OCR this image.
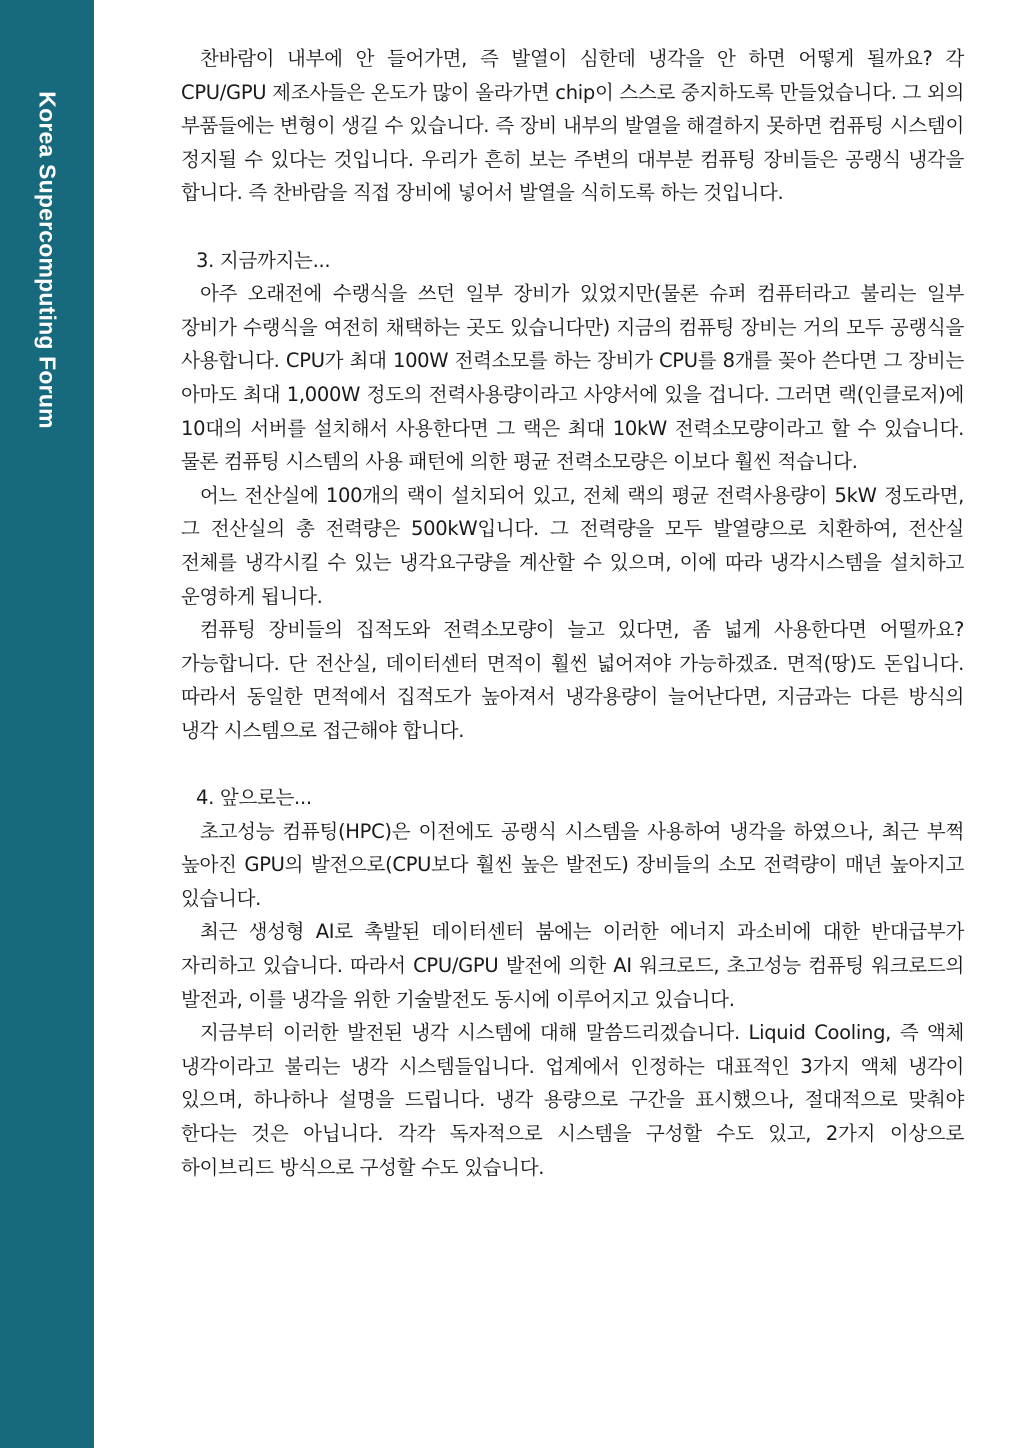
Korea Supercomputing Forum

찬바람이 내부에 안 들어가면, 즉 발열이 심한데 냉각을 안 하면 어떻게 될까요? 각 CPU/GPU 제조사들은 온도가 많이 올라가면 chip이 스스로 중지하도록 만들었습니다. 그 외의 부품들에는 변형이 생길 수 있습니다. 즉 장비 내부의 발열을 해결하지 못하면 컴퓨팅 시스템이 정지될 수 있다는 것입니다. 우리가 흔히 보는 주변의 대부분 컴퓨팅 장비들은 공랭식 냉각을 합니다. 즉 찬바람을 직접 장비에 넣어서 발열을 식히도록 하는 것입니다.

3. 지금까지는...

아주 오래전에 수랭식을 쓰던 일부 장비가 있었지만(물론 슈퍼 컴퓨터라고 불리는 일부 장비가 수랭식을 여전히 채택하는 곳도 있습니다만) 지금의 컴퓨팅 장비는 거의 모두 공랭식을 사용합니다. CPU가 최대 100W 전력소모를 하는 장비가 CPU를 8개를 꽂아 쓴다면 그 장비는 아마도 최대 1,000W 정도의 전력사용량이라고 사양서에 있을 겁니다. 그러면 랙(인클로저)에 10대의 서버를 설치해서 사용한다면 그 랙은 최대 10kW 전력소모량이라고 할 수 있습니다. 물론 컴퓨팅 시스템의 사용 패턴에 의한 평균 전력소모량은 이보다 훨씬 적습니다.

어느 전산실에 100개의 랙이 설치되어 있고, 전체 랙의 평균 전력사용량이 5kW 정도라면, 그 전산실의 총 전력량은 500kW입니다. 그 전력량을 모두 발열량으로 치환하여, 전산실 전체를 냉각시킬 수 있는 냉각요구량을 계산할 수 있으며, 이에 따라 냉각시스템을 설치하고 운영하게 됩니다.

컴퓨팅 장비들의 집적도와 전력소모량이 늘고 있다면, 좀 넓게 사용한다면 어떨까요? 가능합니다. 단 전산실, 데이터센터 면적이 훨씬 넓어져야 가능하겠죠. 면적(땅)도 돈입니다. 따라서 동일한 면적에서 집적도가 높아져서 냉각용량이 늘어난다면, 지금과는 다른 방식의 냉각 시스템으로 접근해야 합니다.

4. 앞으로는...

초고성능 컴퓨팅(HPC)은 이전에도 공랭식 시스템을 사용하여 냉각을 하였으나, 최근 부쩍 높아진 GPU의 발전으로(CPU보다 훨씬 높은 발전도) 장비들의 소모 전력량이 매년 높아지고 있습니다.

최근 생성형 AI로 촉발된 데이터센터 붐에는 이러한 에너지 과소비에 대한 반대급부가 자리하고 있습니다. 따라서 CPU/GPU 발전에 의한 AI 워크로드, 초고성능 컴퓨팅 워크로드의 발전과, 이를 냉각을 위한 기술발전도 동시에 이루어지고 있습니다.

지금부터 이러한 발전된 냉각 시스템에 대해 말씀드리겠습니다. Liquid Cooling, 즉 액체 냉각이라고 불리는 냉각 시스템들입니다. 업계에서 인정하는 대표적인 3가지 액체 냉각이 있으며, 하나하나 설명을 드립니다. 냉각 용량으로 구간을 표시했으나, 절대적으로 맞춰야 한다는 것은 아닙니다. 각각 독자적으로 시스템을 구성할 수도 있고, 2가지 이상으로 하이브리드 방식으로 구성할 수도 있습니다.
